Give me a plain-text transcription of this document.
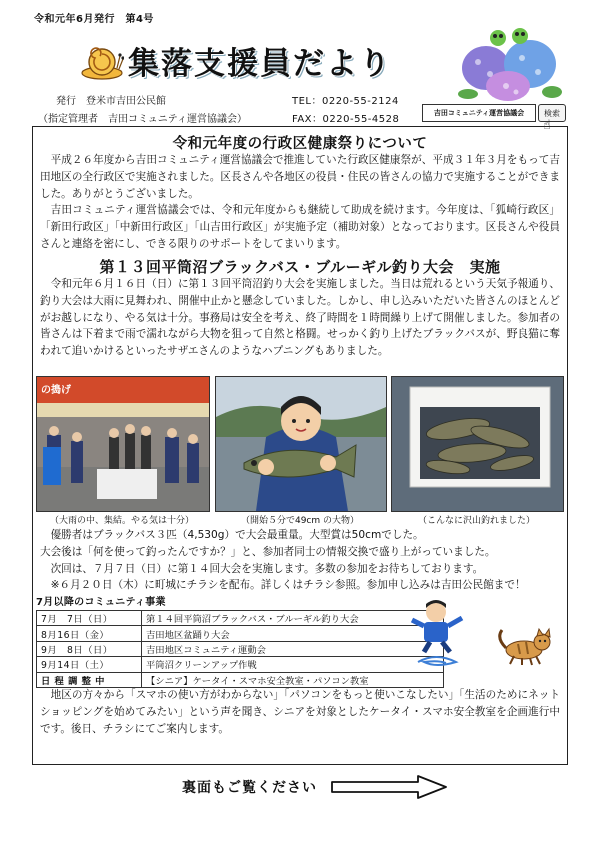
令和元年6月発行　第4号
集落支援員だより
発行　登米市吉田公民館
（指定管理者　吉田コミュニティ運営協議会）
TEL：0220-55-2124
FAX：0220-55-4528
吉田コミュニティ運営協議会	検索
☝
令和元年度の行政区健康祭りについて

平成２６年度から吉田コミュニティ運営協議会で推進していた行政区健康祭が、平成３１年３月をもって吉田地区の全行政区で実施されました。区長さんや各地区の役員・住民の皆さんの協力で実施することができました。ありがとうございました。

吉田コミュニティ運営協議会では、令和元年度からも継続して助成を続けます。今年度は、「狐崎行政区」「新田行政区」「中新田行政区」「山吉田行政区」が実施予定（補助対象）となっております。区長さんや役員さんと連絡を密にし、できる限りのサポートをしてまいります。

第１３回平筒沼ブラックバス・ブルーギル釣り大会　実施

令和元年６月１６日（日）に第１３回平筒沼釣り大会を実施しました。当日は荒れるという天気予報通り、釣り大会は大雨に見舞われ、開催中止かと懸念していました。しかし、申し込みいただいた皆さんのほとんどがお越しになり、やる気は十分。事務局は安全を考え、終了時間を１時間繰り上げて開催しました。参加者の皆さんは下着まで雨で濡れながら大物を狙って自然と格闘。せっかく釣り上げたブラックバスが、野良猫に奪われて追いかけるといったサザエさんのようなハプニングもありました。

の搗げ
（大雨の中、集結。やる気は十分）	（開始５分で49cm の大物）	（こんなに沢山釣れました）

優勝者はブラックバス３匹（4,530g）で大会最重量。大型賞は50cmでした。

大会後は「何を使って釣ったんですか？」と、参加者同士の情報交換で盛り上がっていました。

次回は、７月７日（日）に第１４回大会を実施します。多数の参加をお待ちしております。

※６月２０日（木）に町城にチラシを配布。詳しくはチラシ参照。参加申し込みは吉田公民館まで！

7月以降のコミュニティ事業
7月　7日（日）	第１４回平筒沼ブラックバス・ブルーギル釣り大会
8月16日（金）	吉田地区盆踊り大会
9月　8日（日）	吉田地区コミュニティ運動会
9月14日（土）	平筒沼クリーンアップ作戦
日 程 調 整 中	【シニア】ケータイ・スマホ安全教室・パソコン教室

地区の方々から「スマホの使い方がわからない」「パソコンをもっと使いこなしたい」「生活のためにネットショッピングを始めてみたい」という声を聞き、シニアを対象としたケータイ・スマホ安全教室を企画進行中です。後日、チラシにてご案内します。

裏面もご覧ください
